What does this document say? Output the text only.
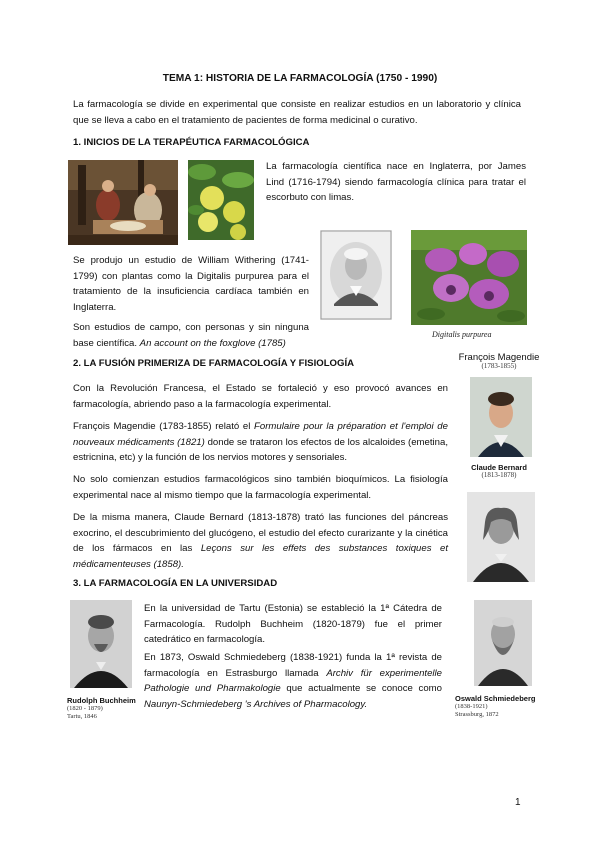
TEMA 1: HISTORIA DE LA FARMACOLOGÍA (1750 - 1990)

La farmacología se divide en experimental que consiste en realizar estudios en un laboratorio y clínica que se lleva a cabo en el tratamiento de pacientes de forma medicinal o curativo.

1. INICIOS DE LA TERAPÉUTICA FARMACOLÓGICA

La farmacología científica nace en Inglaterra, por James Lind (1716-1794) siendo farmacología clínica para tratar el escorbuto con limas.

Digitalis purpurea

Se produjo un estudio de William Withering (1741-1799) con plantas como la Digitalis purpurea para el tratamiento de la insuficiencia cardíaca también en Inglaterra.

Son estudios de campo, con personas y sin ninguna base científica. An account on the foxglove (1785)

2. LA FUSIÓN PRIMERIZA DE FARMACOLOGÍA Y FISIOLOGÍA
François Magendie
(1783-1855)
Claude Bernard
(1813-1878)

Con la Revolución Francesa, el Estado se fortaleció y eso provocó avances en farmacología, abriendo paso a la farmacología experimental.

François Magendie (1783-1855) relató el Formulaire pour la préparation et l'emploi de nouveaux médicaments (1821) donde se trataron los efectos de los alcaloides (emetina, estricnina, etc) y la función de los nervios motores y sensoriales.

No solo comienzan estudios farmacológicos sino también bioquímicos. La fisiología experimental nace al mismo tiempo que la farmacología experimental.

De la misma manera, Claude Bernard (1813-1878) trató las funciones del páncreas exocrino, el descubrimiento del glucógeno, el estudio del efecto curarizante y la cinética de los fármacos en las Leçons sur les effets des substances toxiques et médicamenteuses (1858).

3. LA FARMACOLOGÍA EN LA UNIVERSIDAD
Rudolph Buchheim
(1820 - 1879)
Tartu, 1846

En la universidad de Tartu (Estonia) se estableció la 1ª Cátedra de Farmacología. Rudolph Buchheim (1820-1879) fue el primer catedrático en farmacología.

En 1873, Oswald Schmiedeberg (1838-1921) funda la 1ª revista de farmacología en Estrasburgo llamada Archiv für experimentelle Pathologie und Pharmakologie que actualmente se conoce como Naunyn-Schmiedeberg 's Archives of Pharmacology.	Oswald Schmiedeberg
(1838-1921)
Strassburg, 1872
1
